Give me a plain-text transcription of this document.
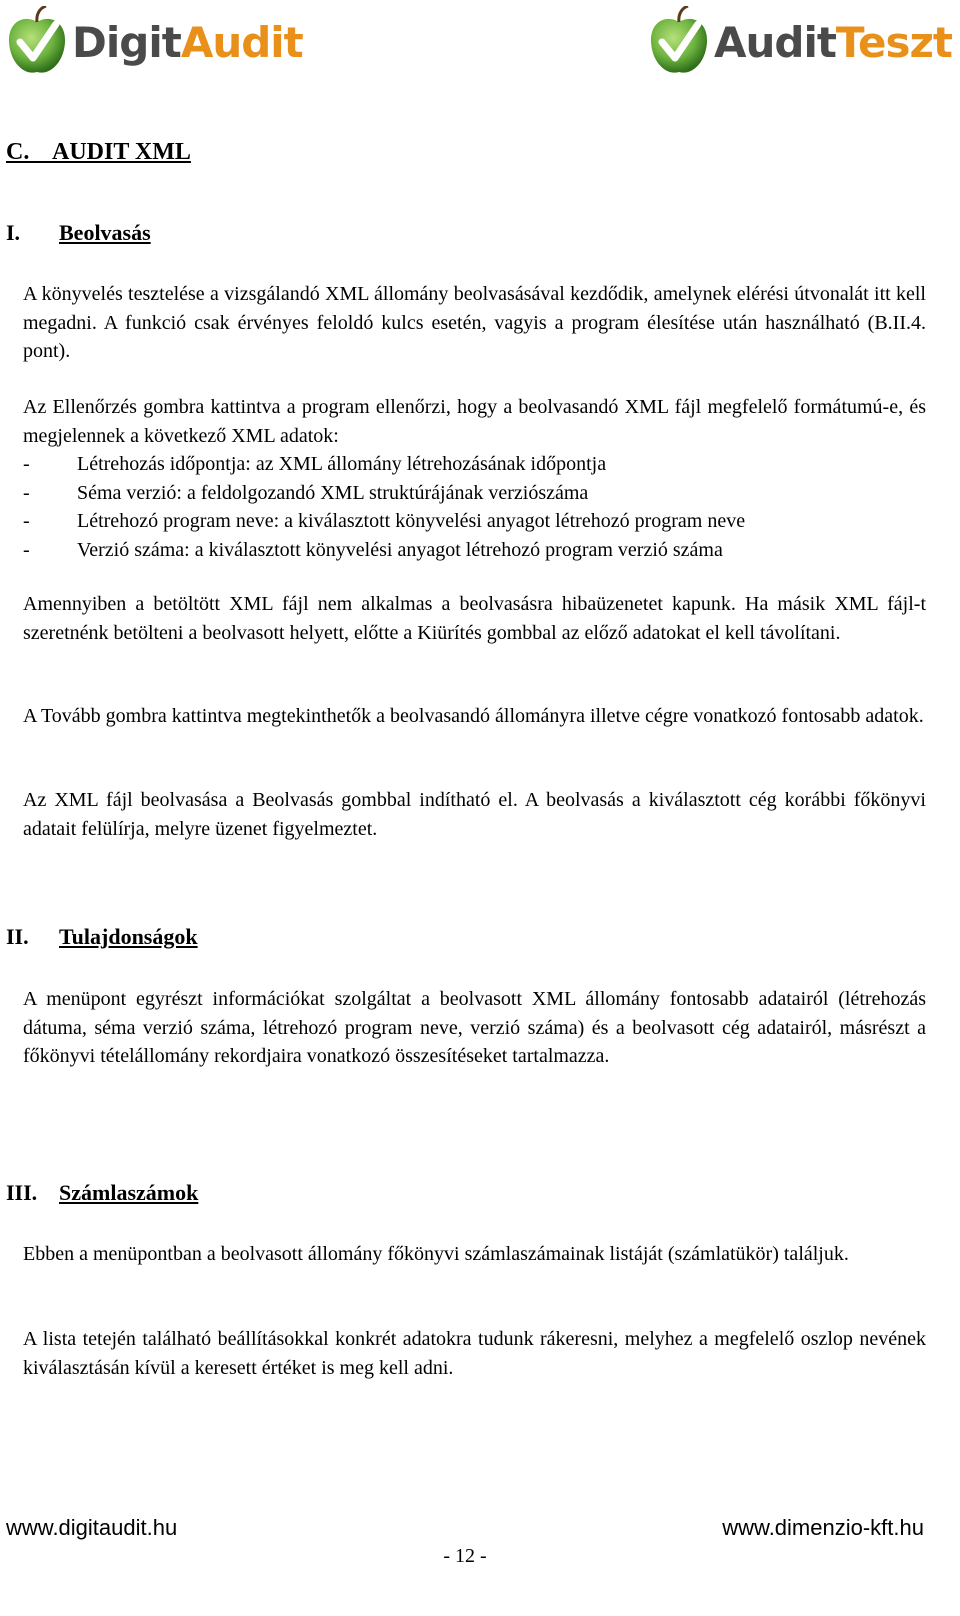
DigitAudit	AuditTeszt
C.    AUDIT XML
I. Beolvasás

A könyvelés tesztelése a vizsgálandó XML állomány beolvasásával kezdődik, amelynek elérési útvonalát itt kell megadni. A funkció csak érvényes feloldó kulcs esetén, vagyis a program élesítése után használható (B.II.4. pont).

Az Ellenőrzés gombra kattintva a program ellenőrzi, hogy a beolvasandó XML fájl megfelelő formátumú-e, és megjelennek a következő XML adatok:

-	Létrehozás időpontja: az XML állomány létrehozásának időpontja
-	Séma verzió: a feldolgozandó XML struktúrájának verziószáma
-	Létrehozó program neve: a kiválasztott könyvelési anyagot létrehozó program neve
-	Verzió száma: a kiválasztott könyvelési anyagot létrehozó program verzió száma

Amennyiben a betöltött XML fájl nem alkalmas a beolvasásra hibaüzenetet kapunk. Ha másik XML fájl-t szeretnénk betölteni a beolvasott helyett, előtte a Kiürítés gombbal az előző adatokat el kell távolítani.

A Tovább gombra kattintva megtekinthetők a beolvasandó állományra illetve cégre vonatkozó fontosabb adatok.

Az XML fájl beolvasása a Beolvasás gombbal indítható el. A beolvasás a kiválasztott cég korábbi főkönyvi adatait felülírja, melyre üzenet figyelmeztet.

II. Tulajdonságok

A menüpont egyrészt információkat szolgáltat a beolvasott XML állomány fontosabb adatairól (létrehozás dátuma, séma verzió száma, létrehozó program neve, verzió száma) és a beolvasott cég adatairól, másrészt a főkönyvi tételállomány rekordjaira vonatkozó összesítéseket tartalmazza.

III. Számlaszámok

Ebben a menüpontban a beolvasott állomány főkönyvi számlaszámainak listáját (számlatükör) találjuk.

A lista tetején található beállításokkal konkrét adatokra tudunk rákeresni, melyhez a megfelelő oszlop nevének kiválasztásán kívül a keresett értéket is meg kell adni.

www.digitaudit.hu	www.dimenzio-kft.hu
- 12 -
